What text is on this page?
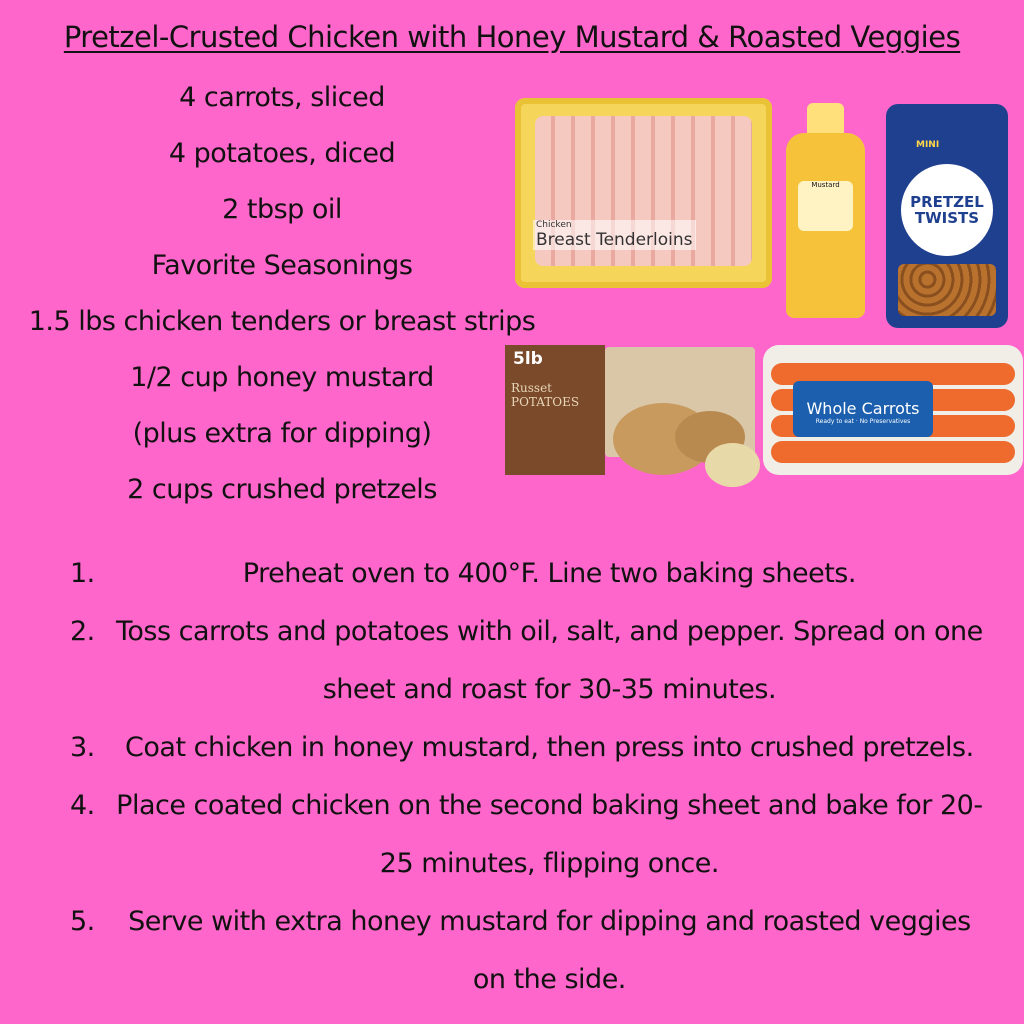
Pretzel-Crusted Chicken with Honey Mustard & Roasted Veggies
4 carrots, sliced
4 potatoes, diced
2 tbsp oil
Favorite Seasonings
1.5 lbs chicken tenders or breast strips
1/2 cup honey mustard
(plus extra for dipping)
2 cups crushed pretzels
Chicken
Breast Tenderloins
Mustard
MINI
PRETZEL TWISTS
5lb
Russet POTATOES	Whole Carrots
Ready to eat · No Preservatives
1.	Preheat oven to 400°F. Line two baking sheets.
2. Toss carrots and potatoes with oil, salt, and pepper. Spread on one sheet and roast for 30-35 minutes.
3.	Coat chicken in honey mustard, then press into crushed pretzels.
4. Place coated chicken on the second baking sheet and bake for 20-25 minutes, flipping once.
5.	Serve with extra honey mustard for dipping and roasted veggies on the side.
